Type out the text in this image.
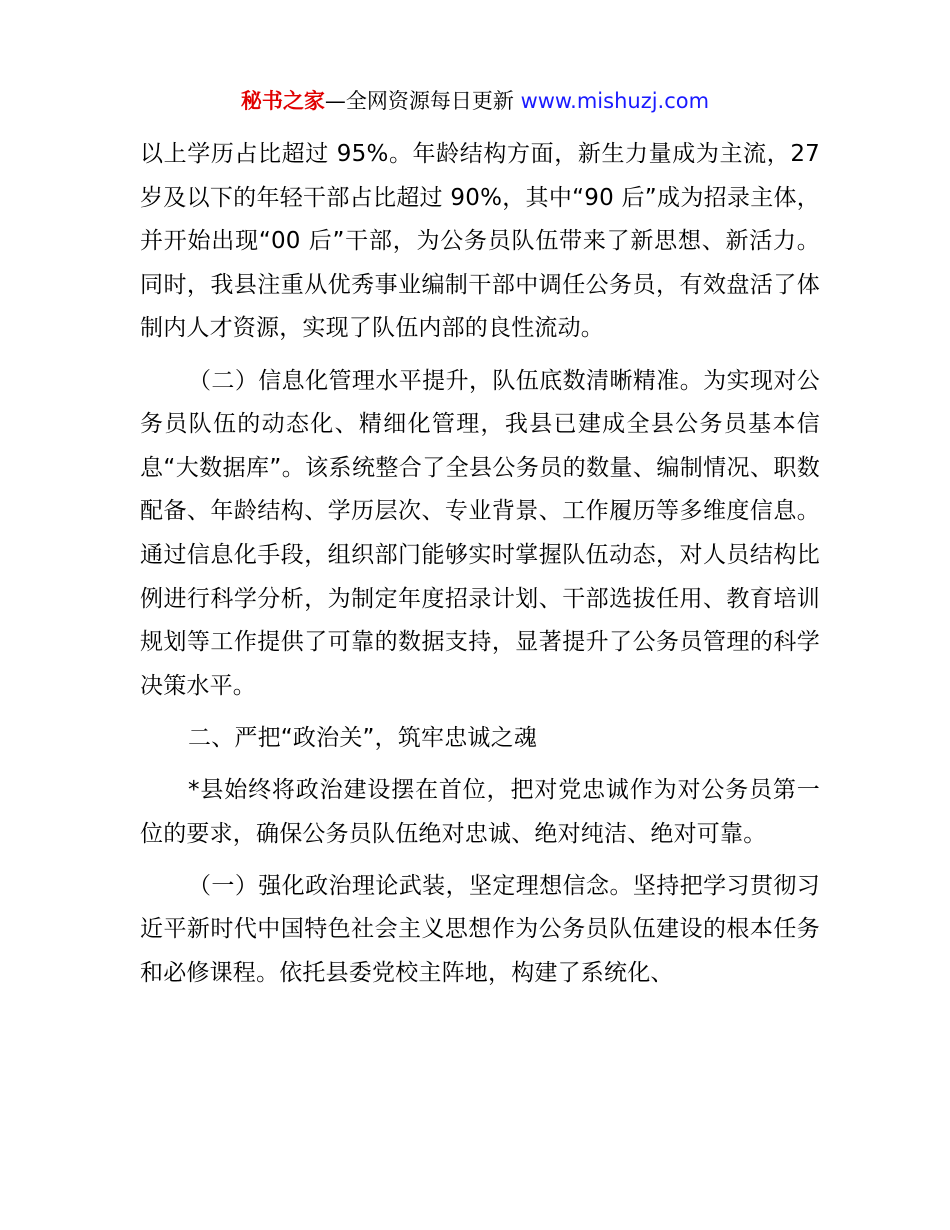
秘书之家—全网资源每日更新 www.mishuzj.com

以上学历占比超过 95%。年龄结构方面，新生力量成为主流，27 岁及以下的年轻干部占比超过 90%，其中“90 后”成为招录主体，并开始出现“00 后”干部，为公务员队伍带来了新思想、新活力。同时，我县注重从优秀事业编制干部中调任公务员，有效盘活了体制内人才资源，实现了队伍内部的良性流动。

（二）信息化管理水平提升，队伍底数清晰精准。为实现对公务员队伍的动态化、精细化管理，我县已建成全县公务员基本信息“大数据库”。该系统整合了全县公务员的数量、编制情况、职数配备、年龄结构、学历层次、专业背景、工作履历等多维度信息。通过信息化手段，组织部门能够实时掌握队伍动态，对人员结构比例进行科学分析，为制定年度招录计划、干部选拔任用、教育培训规划等工作提供了可靠的数据支持，显著提升了公务员管理的科学决策水平。

二、严把“政治关”，筑牢忠诚之魂

*县始终将政治建设摆在首位，把对党忠诚作为对公务员第一位的要求，确保公务员队伍绝对忠诚、绝对纯洁、绝对可靠。

（一）强化政治理论武装，坚定理想信念。坚持把学习贯彻习近平新时代中国特色社会主义思想作为公务员队伍建设的根本任务和必修课程。依托县委党校主阵地，构建了系统化、
